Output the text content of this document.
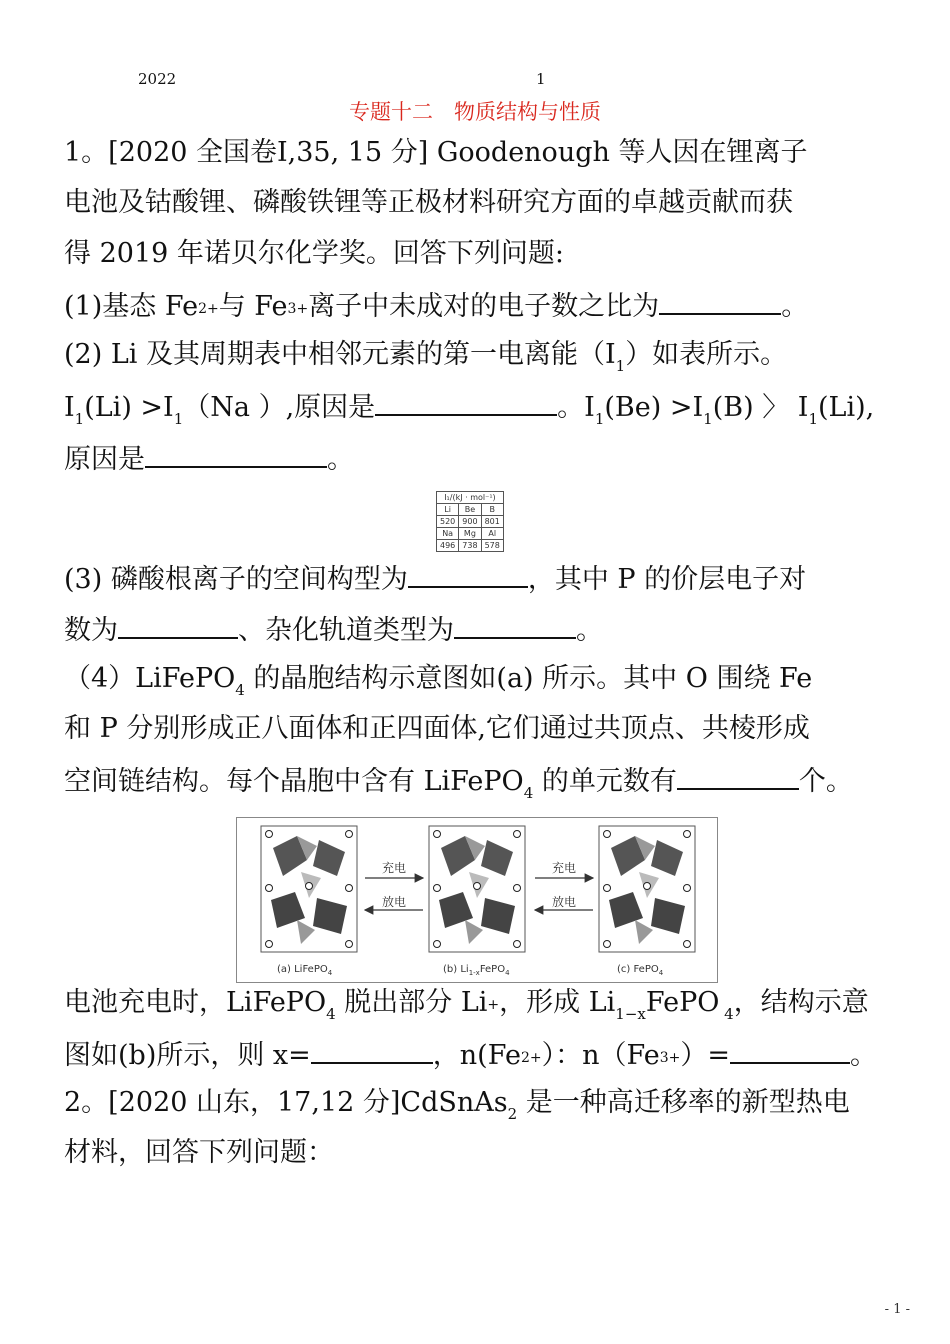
2022	1
专题十二　物质结构与性质
1。[2020 全国卷Ⅰ,35, 15 分] Goodenough 等人因在锂离子
电池及钴酸锂、磷酸铁锂等正极材料研究方面的卓越贡献而获
得 2019 年诺贝尔化学奖。回答下列问题:
(1)基态 $Fe^{2+}$与 $Fe^{3+}$离子中未成对的电子数之比为	。
(2) Li 及其周期表中相邻元素的第一电离能$(I_1)$如表所示。
$I_1(Li) >I_1(Na$ ）,原因是	。$I_1(Be) >I_1(B)$ 〉 $I_1(Li)$,
原因是	。
I₁/(kJ · mol⁻¹)		
Li	Be	B
520	900	801
Na	Mg	Al
496	738	578
(3) 磷酸根离子的空间构型为	，其中 P 的价层电子对
数为	、杂化轨道类型为	。
（4）LiFePO$_4$ 的晶胞结构示意图如(a) 所示。其中 O 围绕 Fe
和 P 分别形成正八面体和正四面体,它们通过共顶点、共棱形成
空间链结构。每个晶胞中含有 LiFePO$_4$ 的单元数有	个。
充电
放电
充电
放电
(a) LiFePO$_4$	(b) $Li_{1-x}FePO_4$	(c) FePO$_4$
电池充电时，LiFePO$_4$ 脱出部分 Li+，形成 $Li_{1-x}FePO$ $_4$，结构示意
图如(b)所示，则 x=	，$n(Fe^{2+})$：$n(Fe^{3+})=$	。
2。[2020 山东，17,12 分]CdSnAs$_2$ 是一种高迁移率的新型热电
材料，回答下列问题：
- 1 -
